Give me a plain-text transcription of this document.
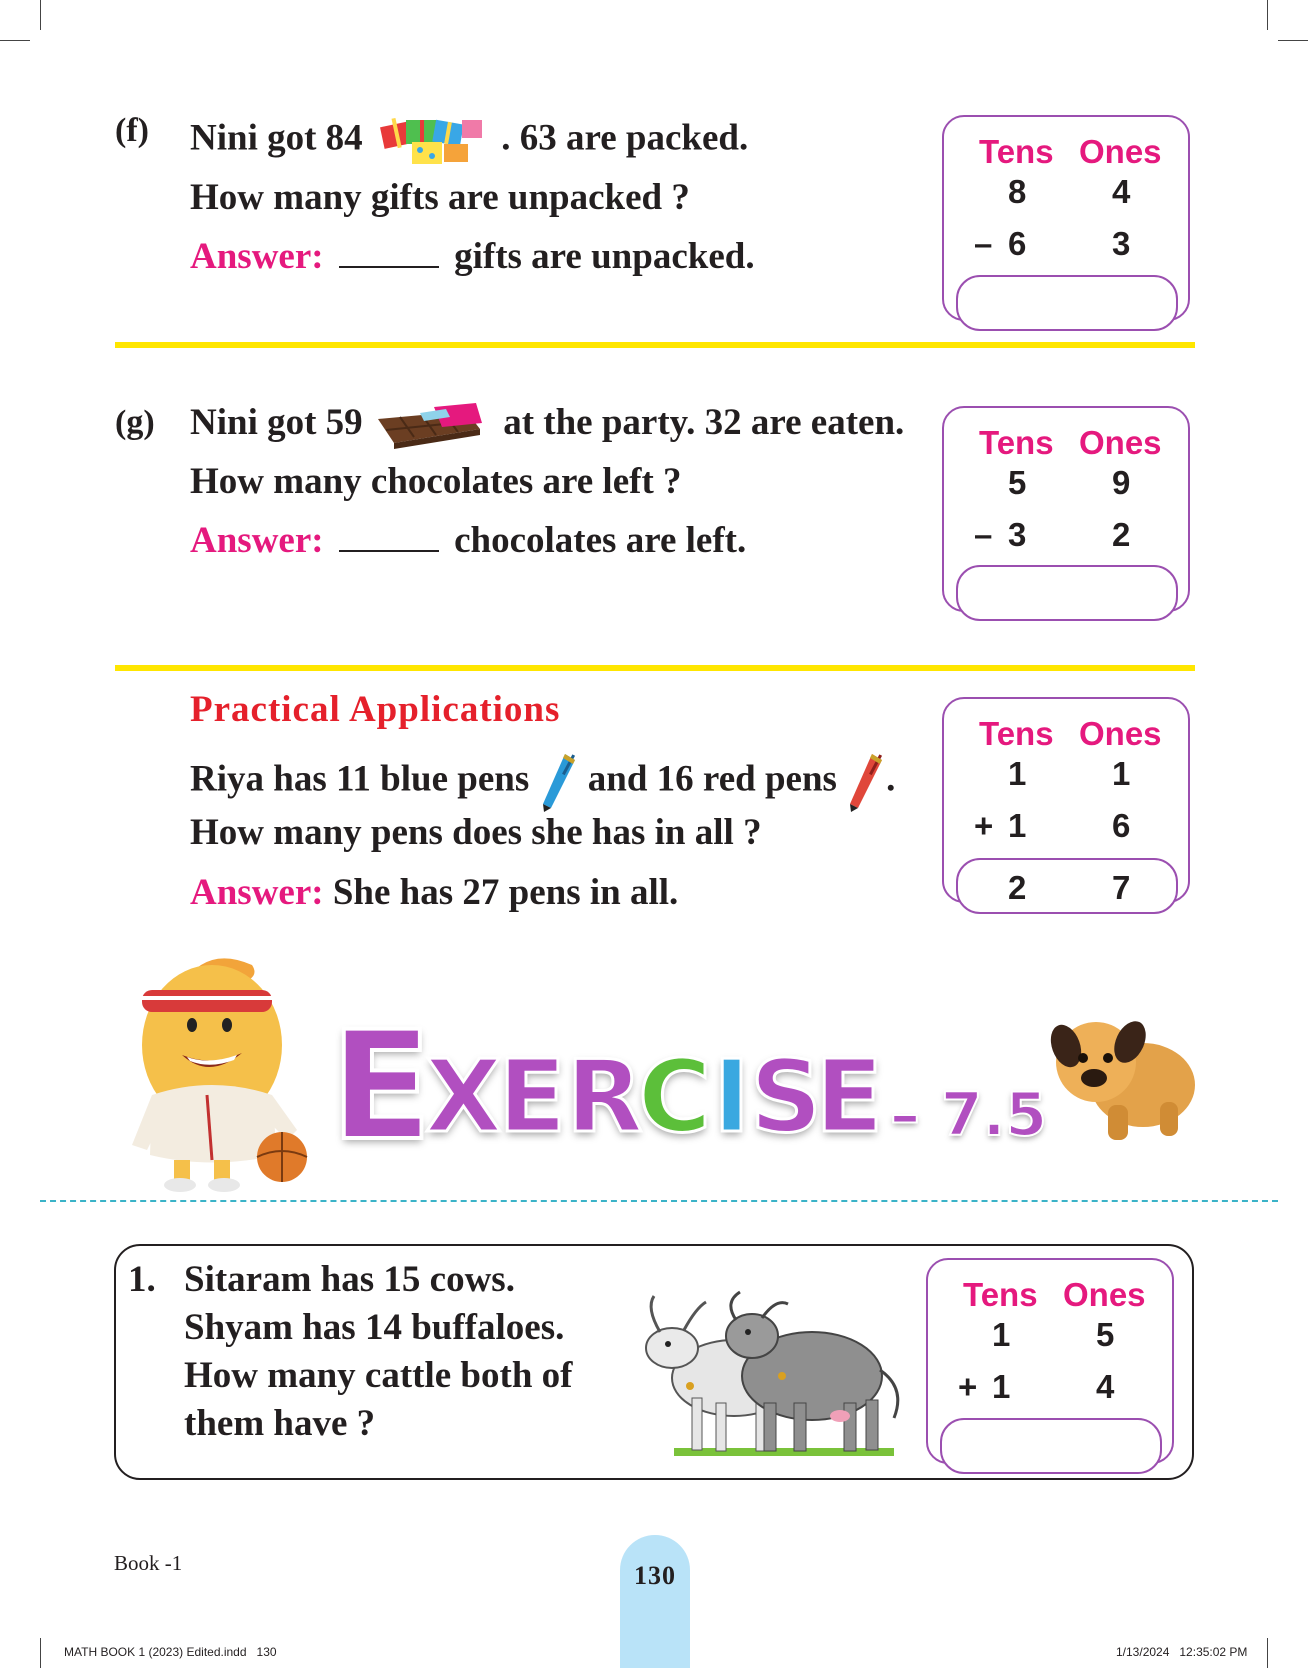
(f) Nini got 84	. 63 are packed.
How many gifts are unpacked ?
Answer:	gifts are unpacked.
Tens Ones
8	4
– 6	3
(g) Nini got 59	at the party. 32 are eaten.
How many chocolates are left ?
Answer:	chocolates are left.
Tens Ones
5	9
– 3	2
Practical Applications
Riya has 11 blue pens and 16 red pens .
How many pens does she has in all ?
Answer: She has 27 pens in all.
Tens Ones
1	1
+ 1	6
2	7
E
X
E R
C I S
E – 7.5
1. Sitaram has 15 cows.
Shyam has 14 buffaloes.
How many cattle both of
them have ?
Tens Ones
1	5
+ 1	4
Book -1	130
MATH BOOK 1 (2023) Edited.indd   130	1/13/2024   12:35:02 PM
